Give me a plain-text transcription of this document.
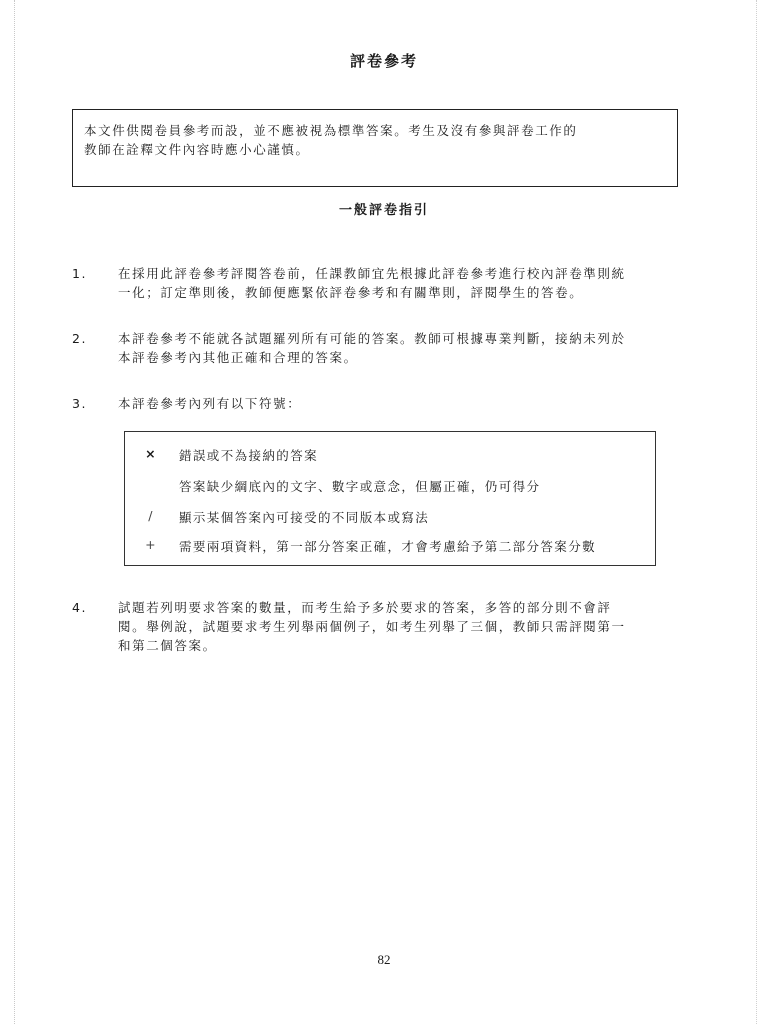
評卷參考

本文件供閱卷員參考而設，並不應被視為標準答案。考生及沒有參與評卷工作的

教師在詮釋文件內容時應小心謹慎。

一般評卷指引
1.	在採用此評卷參考評閱答卷前，任課教師宜先根據此評卷參考進行校內評卷準則統

一化；訂定準則後，教師便應緊依評卷參考和有關準則，評閱學生的答卷。

2.	本評卷參考不能就各試題羅列所有可能的答案。教師可根據專業判斷，接納未列於

本評卷參考內其他正確和合理的答案。

3.	本評卷參考內列有以下符號：

× 錯誤或不為接納的答案
答案缺少綱底內的文字、數字或意念，但屬正確，仍可得分
/	顯示某個答案內可接受的不同版本或寫法
+ 需要兩項資料，第一部分答案正確，才會考慮給予第二部分答案分數
4.	試題若列明要求答案的數量，而考生給予多於要求的答案，多答的部分則不會評

閱。舉例說，試題要求考生列舉兩個例子，如考生列舉了三個，教師只需評閱第一

和第二個答案。

82
